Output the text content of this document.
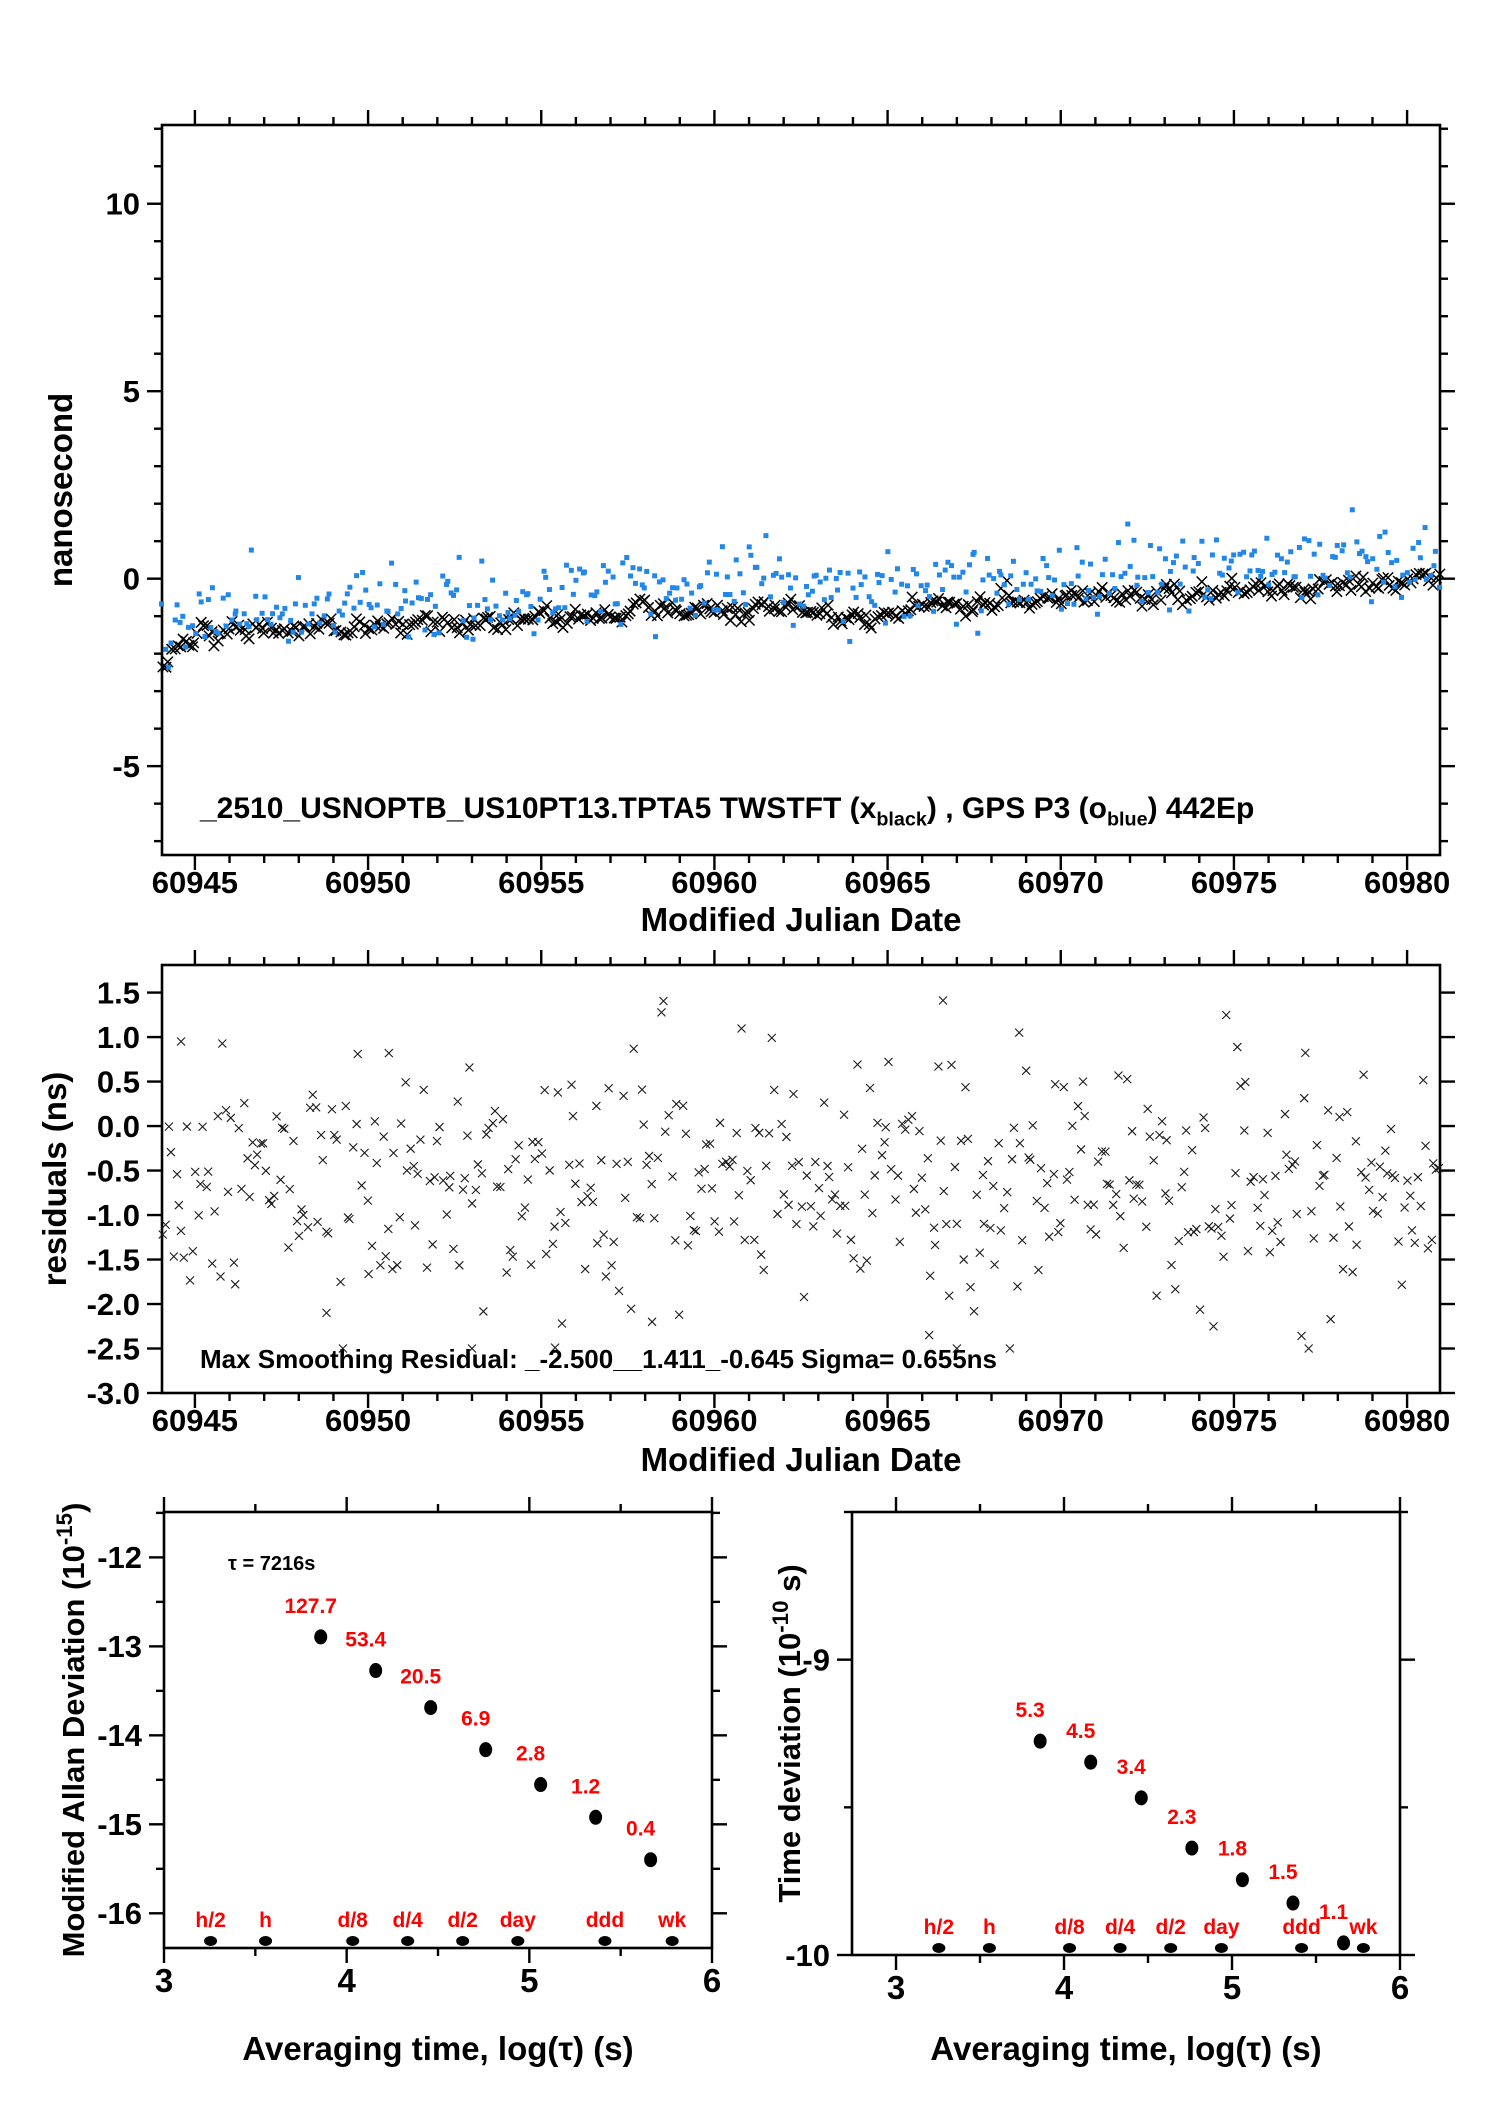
60945	60950	60955	60960	60965	60970	60975	60980
10
5
0
-5
Modified Julian Date
nanosecond
_2510_USNOPTB_US10PT13.TPTA5 TWSTFT $(x_{black})$ , GPS P3 $(o_{blue})$ 442Ep
60945	60950	60955	60960	60965	60970	60975	60980
1.5
1.0
0.5
0.0
-0.5
-1.0
-1.5
-2.0
-2.5
-3.0
Modified Julian Date
residuals (ns)
Max Smoothing Residual: _-2.500__1.411_-0.645 Sigma= 0.655ns
3	4	5	6
-12
-13
-14
-15
-16
Averaging time, log(τ) (s)
Modified Allan Deviation $(10^{-15})$
τ = 7216s
127.7
53.4
20.5
6.9
2.8
1.2
0.4
h/2 h	d/8 d/4 d/2 day ddd wk
3	4	5	6
-9
-10
Averaging time, log(τ) (s)
Time deviation ($10^{-10}$ s)
5.3
4.5
3.4
2.3
1.8
1.5
1.1
h/2 h	d/8 d/4 d/2 day ddd wk
